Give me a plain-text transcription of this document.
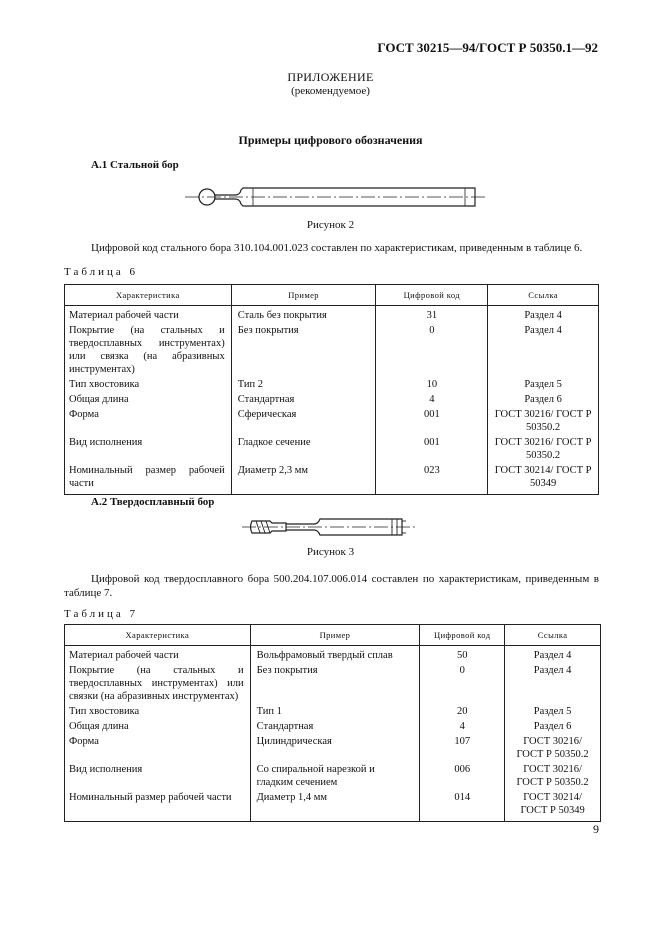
ГОСТ 30215—94/ГОСТ Р 50350.1—92
ПРИЛОЖЕНИЕ
(рекомендуемое)
Примеры цифрового обозначения
А.1 Стальной бор
Рисунок 2
Цифровой код стального бора 310.104.001.023 составлен по характеристикам, приведенным в таблице 6.
Таблица 6
Характеристика	Пример	Цифровой код	Ссылка
Материал рабочей части	Сталь без покрытия	31	Раздел 4
Покрытие (на стальных и твердосплавных инструментах) или связка (на абразивных инструментах)	Без покрытия	0	Раздел 4
Тип хвостовика	Тип 2	10	Раздел 5
Общая длина	Стандартная	4	Раздел 6
Форма	Сферическая	001	ГОСТ 30216/ ГОСТ Р 50350.2
Вид исполнения	Гладкое сечение	001	ГОСТ 30216/ ГОСТ Р 50350.2
Номинальный размер рабочей части	Диаметр 2,3 мм	023	ГОСТ 30214/ ГОСТ Р 50349
А.2 Твердосплавный бор
Рисунок 3
Цифровой код твердосплавного бора 500.204.107.006.014 составлен по характеристикам, приведенным в таблице 7.
Таблица 7
Характеристика	Пример	Цифровой код	Ссылка
Материал рабочей части	Вольфрамовый твердый сплав	50	Раздел 4
Покрытие (на стальных и твердосплавных инструментах) или связки (на абразивных инструментах)	Без покрытия	0	Раздел 4
Тип хвостовика	Тип 1	20	Раздел 5
Общая длина	Стандартная	4	Раздел 6
Форма	Цилиндрическая	107	ГОСТ 30216/ ГОСТ Р 50350.2
Вид исполнения	Со спиральной нарезкой и гладким сечением	006	ГОСТ 30216/ ГОСТ Р 50350.2
Номинальный размер рабочей части	Диаметр 1,4 мм	014	ГОСТ 30214/ ГОСТ Р 50349
9
